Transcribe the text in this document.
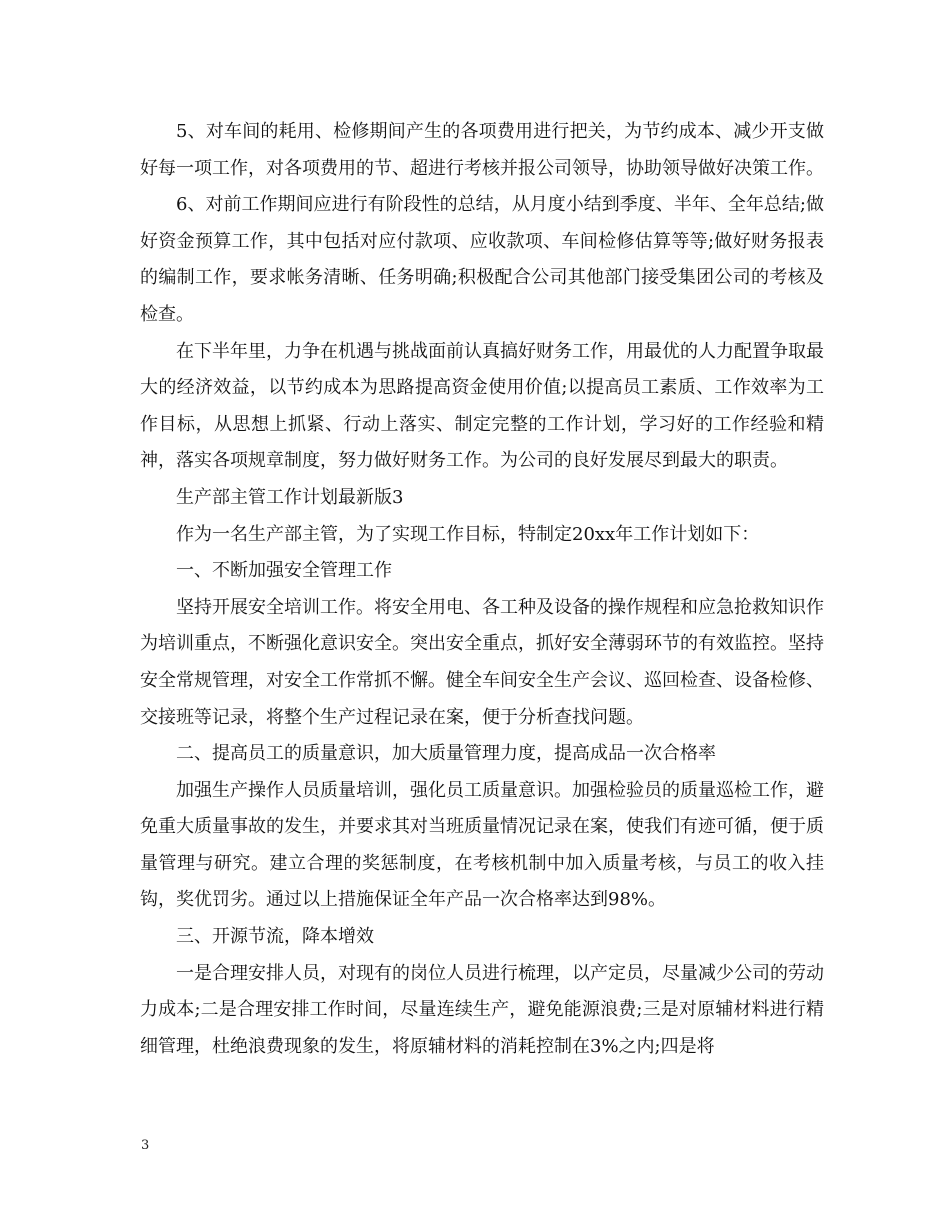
5、对车间的耗用、检修期间产生的各项费用进行把关，为节约成本、减少开支做好每一项工作，对各项费用的节、超进行考核并报公司领导，协助领导做好决策工作。

6、对前工作期间应进行有阶段性的总结，从月度小结到季度、半年、全年总结;做好资金预算工作，其中包括对应付款项、应收款项、车间检修估算等等;做好财务报表的编制工作，要求帐务清晰、任务明确;积极配合公司其他部门接受集团公司的考核及检查。

在下半年里，力争在机遇与挑战面前认真搞好财务工作，用最优的人力配置争取最大的经济效益，以节约成本为思路提高资金使用价值;以提高员工素质、工作效率为工作目标，从思想上抓紧、行动上落实、制定完整的工作计划，学习好的工作经验和精神，落实各项规章制度，努力做好财务工作。为公司的良好发展尽到最大的职责。

生产部主管工作计划最新版3

作为一名生产部主管，为了实现工作目标，特制定20xx年工作计划如下：

一、不断加强安全管理工作

坚持开展安全培训工作。将安全用电、各工种及设备的操作规程和应急抢救知识作为培训重点，不断强化意识安全。突出安全重点，抓好安全薄弱环节的有效监控。坚持安全常规管理，对安全工作常抓不懈。健全车间安全生产会议、巡回检查、设备检修、交接班等记录，将整个生产过程记录在案，便于分析查找问题。

二、提高员工的质量意识，加大质量管理力度，提高成品一次合格率

加强生产操作人员质量培训，强化员工质量意识。加强检验员的质量巡检工作，避免重大质量事故的发生，并要求其对当班质量情况记录在案，使我们有迹可循，便于质量管理与研究。建立合理的奖惩制度，在考核机制中加入质量考核，与员工的收入挂钩，奖优罚劣。通过以上措施保证全年产品一次合格率达到98%。

三、开源节流，降本增效

一是合理安排人员，对现有的岗位人员进行梳理，以产定员，尽量减少公司的劳动力成本;二是合理安排工作时间，尽量连续生产，避免能源浪费;三是对原辅材料进行精细管理，杜绝浪费现象的发生，将原辅材料的消耗控制在3%之内;四是将

3
